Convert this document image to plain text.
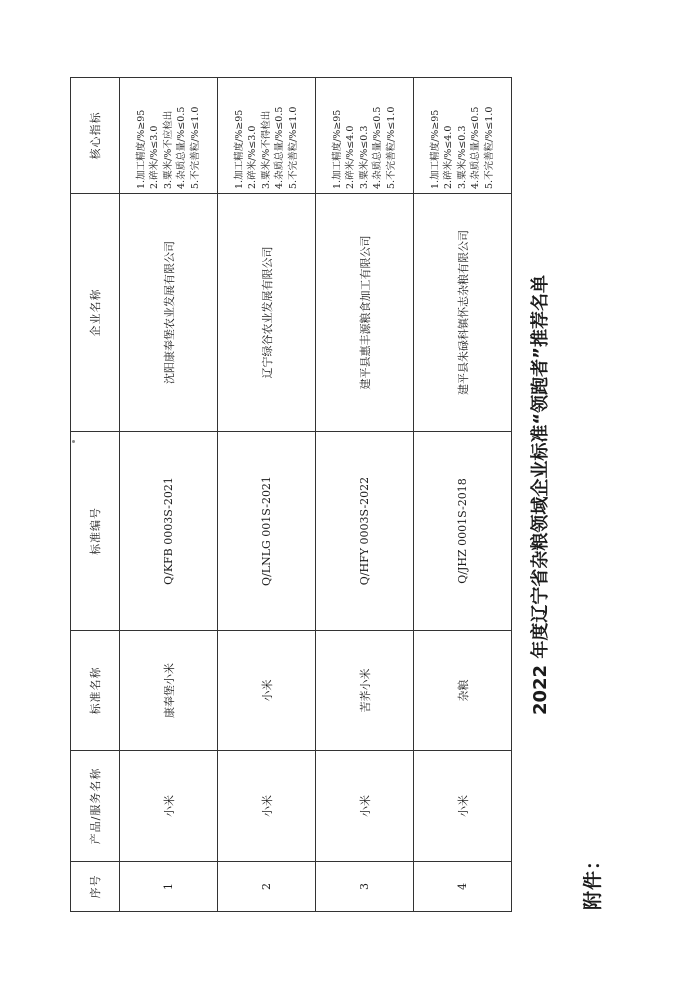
序号	产品/服务名称	标准名称	标准编号	企业名称	核心指标
1	小米	康奉堡小米	Q/KFB 0003S-2021	沈阳康奉堡农业发展有限公司	1.加工精度/%≥95 2.碎米/%≤3.0 3.粟米/%不应检出 4.杂质总量/%≤0.5 5.不完善粒/%≤1.0

2	小米	小米	Q/LNLG 001S-2021	辽宁绿谷农业发展有限公司	1.加工精度/%≥95 2.碎米/%≤3.0 3.粟米/%不得检出 4.杂质总量/%≤0.5 5.不完善粒/%≤1.0

3	小米	苦荞小米	Q/HFY 0003S-2022	建平县惠丰源粮食加工有限公司	1.加工精度/%≥95 2.碎米/%≤4.0 3.粟米/%≤0.3 4.杂质总量/%≤0.5 5.不完善粒/%≤1.0

4	小米	杂粮	Q/JHZ 0001S-2018	建平县朱碌科镇怀志杂粮有限公司	1.加工精度/%≥95 2.碎米/%≤4.0 3.粟米/%≤0.3 4.杂质总量/%≤0.5 5.不完善粒/%≤1.0
2022 年度辽宁省杂粮领域企业标准“领跑者”推荐名单
附件：
